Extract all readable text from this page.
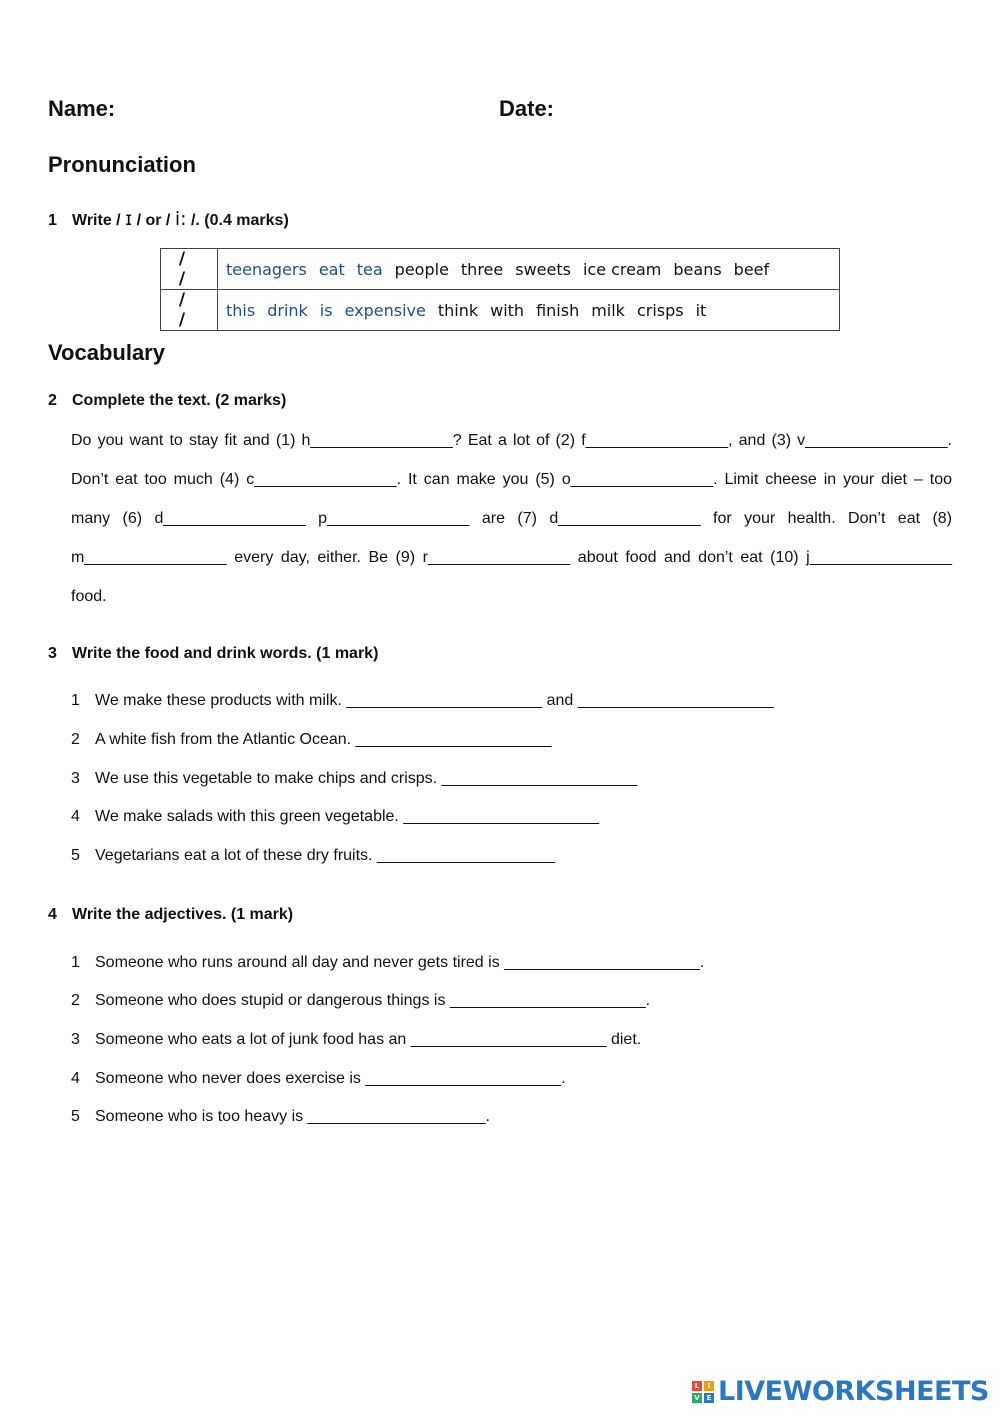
Name:	Date:
Pronunciation
1 Write / ɪ / or / i: /. (0.4 marks)
/ /	teenagers eat tea people three sweets ice cream beans beef
/ /	this drink is expensive think with finish milk crisps it
Vocabulary
2 Complete the text. (2 marks)
Do you want to stay fit and (1) h________________? Eat a lot of (2) f________________, and (3) v________________.
Don’t eat too much (4) c________________. It can make you (5) o________________. Limit cheese in your diet – too
many (6) d________________ p________________ are (7) d________________ for your health. Don’t eat (8)
m________________ every day, either. Be (9) r________________ about food and don’t eat (10) j________________
food.
3 Write the food and drink words. (1 mark)
1 We make these products with milk. ______________________ and ______________________
2 A white fish from the Atlantic Ocean. ______________________
3 We use this vegetable to make chips and crisps. ______________________
4 We make salads with this green vegetable. ______________________
5 Vegetarians eat a lot of these dry fruits. ____________________
4 Write the adjectives. (1 mark)
1 Someone who runs around all day and never gets tired is ______________________.
2 Someone who does stupid or dangerous things is ______________________.
3 Someone who eats a lot of junk food has an ______________________ diet.
4 Someone who never does exercise is ______________________.
5 Someone who is too heavy is ____________________.
L	I
V E LIVEWORKSHEETS
